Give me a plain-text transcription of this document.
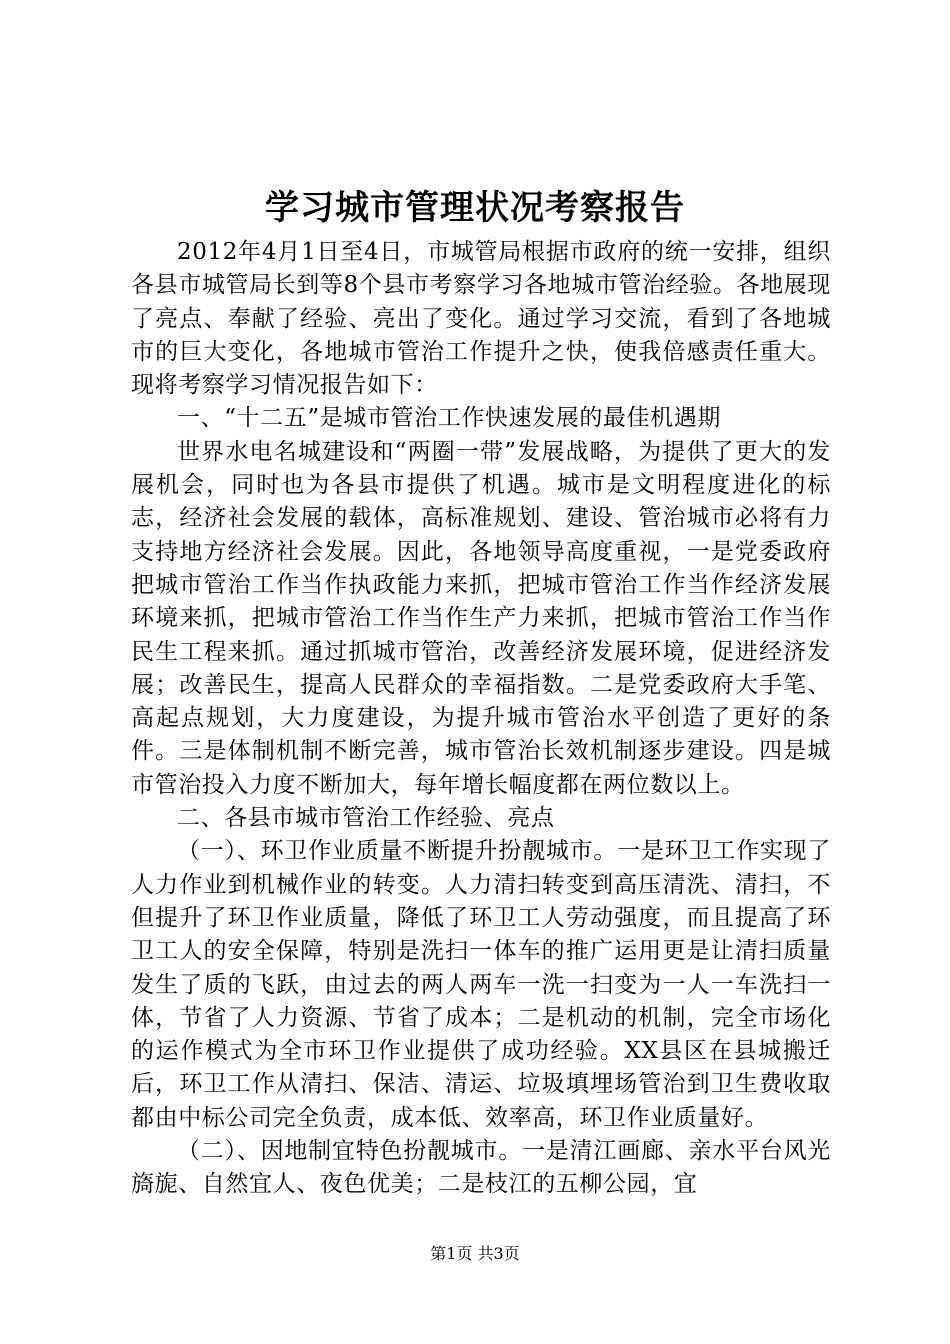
学习城市管理状况考察报告

2012年4月1日至4日，市城管局根据市政府的统一安排，组织各县市城管局长到等8个县市考察学习各地城市管治经验。各地展现了亮点、奉献了经验、亮出了变化。通过学习交流，看到了各地城市的巨大变化，各地城市管治工作提升之快，使我倍感责任重大。现将考察学习情况报告如下：

一、“十二五”是城市管治工作快速发展的最佳机遇期

世界水电名城建设和“两圈一带”发展战略，为提供了更大的发展机会，同时也为各县市提供了机遇。城市是文明程度进化的标志，经济社会发展的载体，高标准规划、建设、管治城市必将有力支持地方经济社会发展。因此，各地领导高度重视，一是党委政府把城市管治工作当作执政能力来抓，把城市管治工作当作经济发展环境来抓，把城市管治工作当作生产力来抓，把城市管治工作当作民生工程来抓。通过抓城市管治，改善经济发展环境，促进经济发展；改善民生，提高人民群众的幸福指数。二是党委政府大手笔、高起点规划，大力度建设，为提升城市管治水平创造了更好的条件。三是体制机制不断完善，城市管治长效机制逐步建设。四是城市管治投入力度不断加大，每年增长幅度都在两位数以上。

二、各县市城市管治工作经验、亮点

（一）、环卫作业质量不断提升扮靓城市。一是环卫工作实现了人力作业到机械作业的转变。人力清扫转变到高压清洗、清扫，不但提升了环卫作业质量，降低了环卫工人劳动强度，而且提高了环卫工人的安全保障，特别是洗扫一体车的推广运用更是让清扫质量发生了质的飞跃，由过去的两人两车一洗一扫变为一人一车洗扫一体，节省了人力资源、节省了成本；二是机动的机制，完全市场化的运作模式为全市环卫作业提供了成功经验。XX县区在县城搬迁后，环卫工作从清扫、保洁、清运、垃圾填埋场管治到卫生费收取都由中标公司完全负责，成本低、效率高，环卫作业质量好。

（二）、因地制宜特色扮靓城市。一是清江画廊、亲水平台风光旖旎、自然宜人、夜色优美；二是枝江的五柳公园，宜

第1页 共3页
